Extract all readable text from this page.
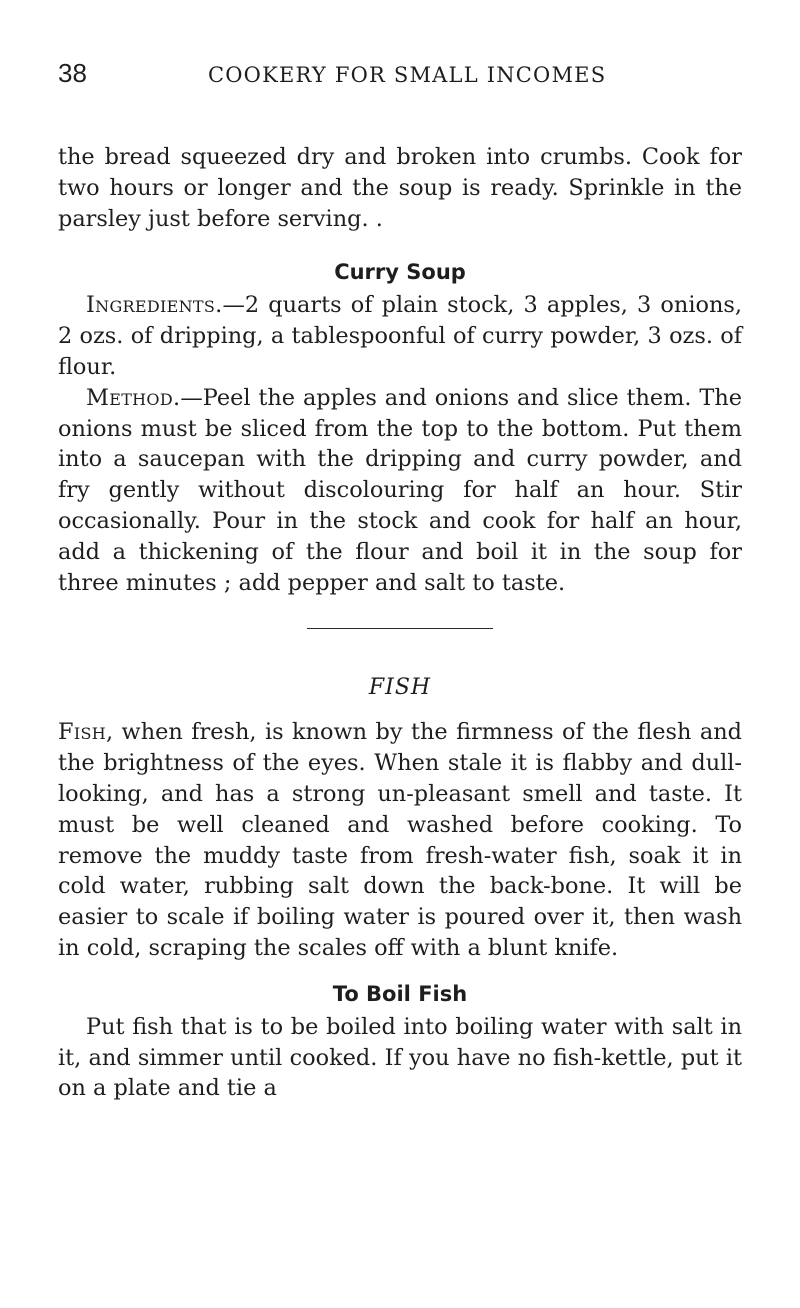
38	COOKERY FOR SMALL INCOMES

the bread squeezed dry and broken into crumbs. Cook for two hours or longer and the soup is ready. Sprinkle in the parsley just before serving. .

Curry Soup

Ingredients.—2 quarts of plain stock, 3 apples, 3 onions, 2 ozs. of dripping, a tablespoonful of curry powder, 3 ozs. of flour.

Method.—Peel the apples and onions and slice them. The onions must be sliced from the top to the bottom. Put them into a saucepan with the dripping and curry powder, and fry gently without discolouring for half an hour. Stir occasionally. Pour in the stock and cook for half an hour, add a thickening of the flour and boil it in the soup for three minutes ; add pepper and salt to taste.

FISH

Fish, when fresh, is known by the firmness of the flesh and the brightness of the eyes. When stale it is flabby and dull-looking, and has a strong un-pleasant smell and taste. It must be well cleaned and washed before cooking. To remove the muddy taste from fresh-water fish, soak it in cold water, rubbing salt down the back-bone. It will be easier to scale if boiling water is poured over it, then wash in cold, scraping the scales off with a blunt knife.

To Boil Fish

Put fish that is to be boiled into boiling water with salt in it, and simmer until cooked. If you have no fish-kettle, put it on a plate and tie a
